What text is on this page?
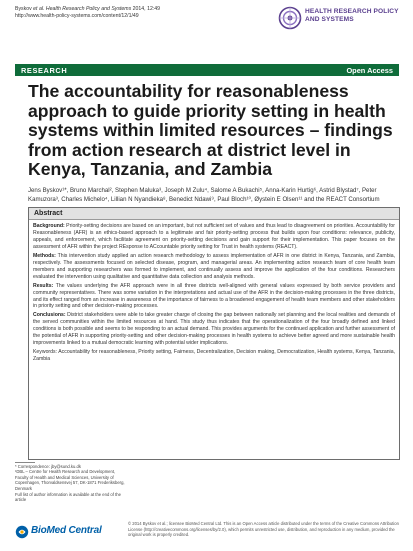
Byskov et al. Health Research Policy and Systems 2014, 12:49
http://www.health-policy-systems.com/content/12/1/49
HEALTH RESEARCH POLICY
AND SYSTEMS
RESEARCH	Open Access
The accountability for reasonableness approach to guide priority setting in health systems within limited resources – findings from action research at district level in Kenya, Tanzania, and Zambia
Jens Byskov¹*, Bruno Marchal², Stephen Maluka³, Joseph M Zulu⁴, Salome A Bukachi⁵, Anna-Karin Hurtig⁶, Astrid Blystad⁷, Peter Kamuzora³, Charles Michelo⁴, Lillian N Nyandieka⁸, Benedict Ndawi⁹, Paul Bloch¹⁰, Øystein E Olsen¹¹ and the REACT Consortium
Abstract

Background: Priority-setting decisions are based on an important, but not sufficient set of values and thus lead to disagreement on priorities. Accountability for Reasonableness (AFR) is an ethics-based approach to a legitimate and fair priority-setting process that builds upon four conditions: relevance, publicity, appeals, and enforcement, which facilitate agreement on priority-setting decisions and gain support for their implementation. This paper focuses on the assessment of AFR within the project REsponse to ACcountable priority setting for Trust in health systems (REACT).

Methods: This intervention study applied an action research methodology to assess implementation of AFR in one district in Kenya, Tanzania, and Zambia, respectively. The assessments focused on selected disease, program, and managerial areas. An implementing action research team of core health team members and supporting researchers was formed to implement, and continually assess and improve the application of the four conditions. Researchers evaluated the intervention using qualitative and quantitative data collection and analysis methods.

Results: The values underlying the AFR approach were in all three districts well-aligned with general values expressed by both service providers and community representatives. There was some variation in the interpretations and actual use of the AFR in the decision-making processes in the three districts, and its effect ranged from an increase in awareness of the importance of fairness to a broadened engagement of health team members and other stakeholders in priority setting and other decision-making processes.

Conclusions: District stakeholders were able to take greater charge of closing the gap between nationally set planning and the local realities and demands of the served communities within the limited resources at hand. This study thus indicates that the operationalization of the four broadly defined and linked conditions is both possible and seems to be responding to an actual demand. This provides arguments for the continued application and further assessment of the potential of AFR in supporting priority-setting and other decision-making processes in health systems to achieve better agreed and more sustainable health improvements linked to a mutual democratic learning with potential wider implications.

Keywords: Accountability for reasonableness, Priority setting, Fairness, Decentralization, Decision making, Democratization, Health systems, Kenya, Tanzania, Zambia

* Correspondence: jby@sund.ku.dk
¹DBL – Centre for Health Research and Development, Faculty of Health and Medical Sciences, University of Copenhagen, Thorvaldsensvej 57, DK-1871 Frederiksberg, Denmark
Full list of author information is available at the end of the article
BioMed Central
© 2014 Byskov et al.; licensee BioMed Central Ltd. This is an Open Access article distributed under the terms of the Creative Commons Attribution License (http://creativecommons.org/licenses/by/2.0), which permits unrestricted use, distribution, and reproduction in any medium, provided the original work is properly credited.
